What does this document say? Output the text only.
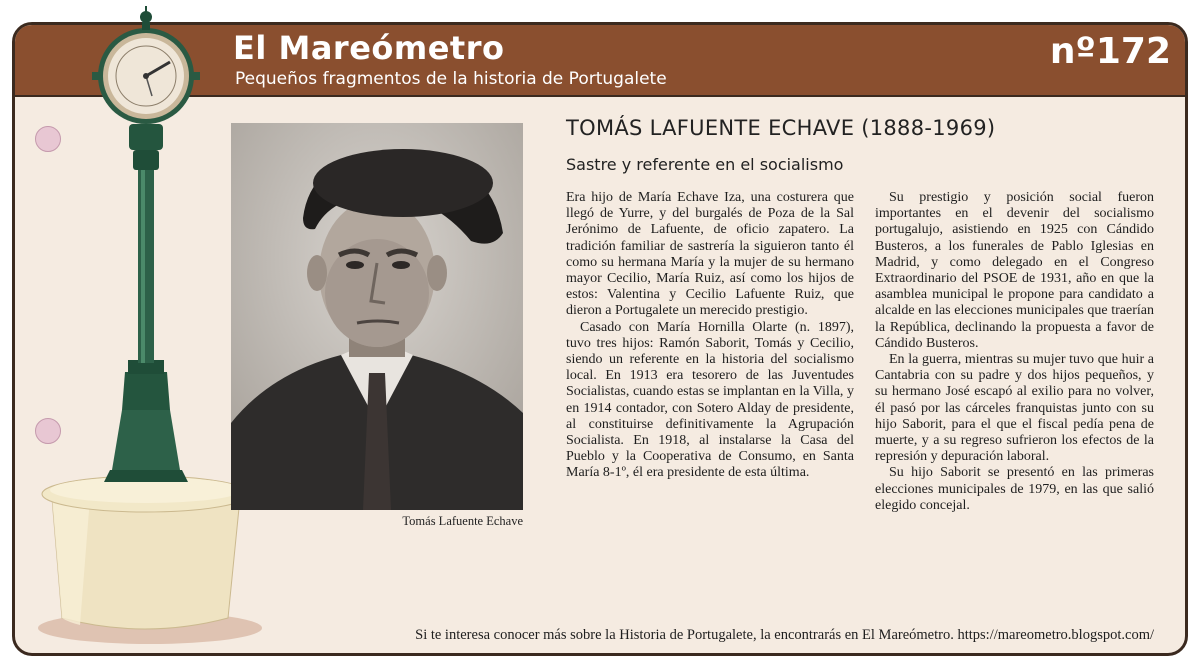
El Mareómetro
Pequeños fragmentos de la historia de Portugalete
nº172
Tomás Lafuente Echave
TOMÁS LAFUENTE ECHAVE (1888-1969)
Sastre y referente en el socialismo

Era hijo de María Echave Iza, una costurera que llegó de Yurre, y del burgalés de Poza de la Sal Jerónimo de Lafuente, de oficio zapatero. La tradición familiar de sastrería la siguieron tanto él como su hermana María y la mujer de su hermano mayor Cecilio, María Ruiz, así como los hijos de estos: Valentina y Cecilio Lafuente Ruiz, que dieron a Portugalete un merecido prestigio.

Casado con María Hornilla Olarte (n. 1897), tuvo tres hijos: Ramón Saborit, Tomás y Cecilio, siendo un referente en la historia del socialismo local. En 1913 era tesorero de las Juventudes Socialistas, cuando estas se implantan en la Villa, y en 1914 contador, con Sotero Alday de presidente, al constituirse definitivamente la Agrupación Socialista. En 1918, al instalarse la Casa del Pueblo y la Cooperativa de Consumo, en Santa María 8-1º, él era presidente de esta última.

Su prestigio y posición social fueron importantes en el devenir del socialismo portugalujo, asistiendo en 1925 con Cándido Busteros, a los funerales de Pablo Iglesias en Madrid, y como delegado en el Congreso Extraordinario del PSOE de 1931, año en que la asamblea municipal le propone para candidato a alcalde en las elecciones municipales que traerían la República, declinando la propuesta a favor de Cándido Busteros.

En la guerra, mientras su mujer tuvo que huir a Cantabria con su padre y dos hijos pequeños, y su hermano José escapó al exilio para no volver, él pasó por las cárceles franquistas junto con su hijo Saborit, para el que el fiscal pedía pena de muerte, y a su regreso sufrieron los efectos de la represión y depuración laboral.

Su hijo Saborit se presentó en las primeras elecciones municipales de 1979, en las que salió elegido concejal.

Si te interesa conocer más sobre la Historia de Portugalete, la encontrarás en El Mareómetro. https://mareometro.blogspot.com/
